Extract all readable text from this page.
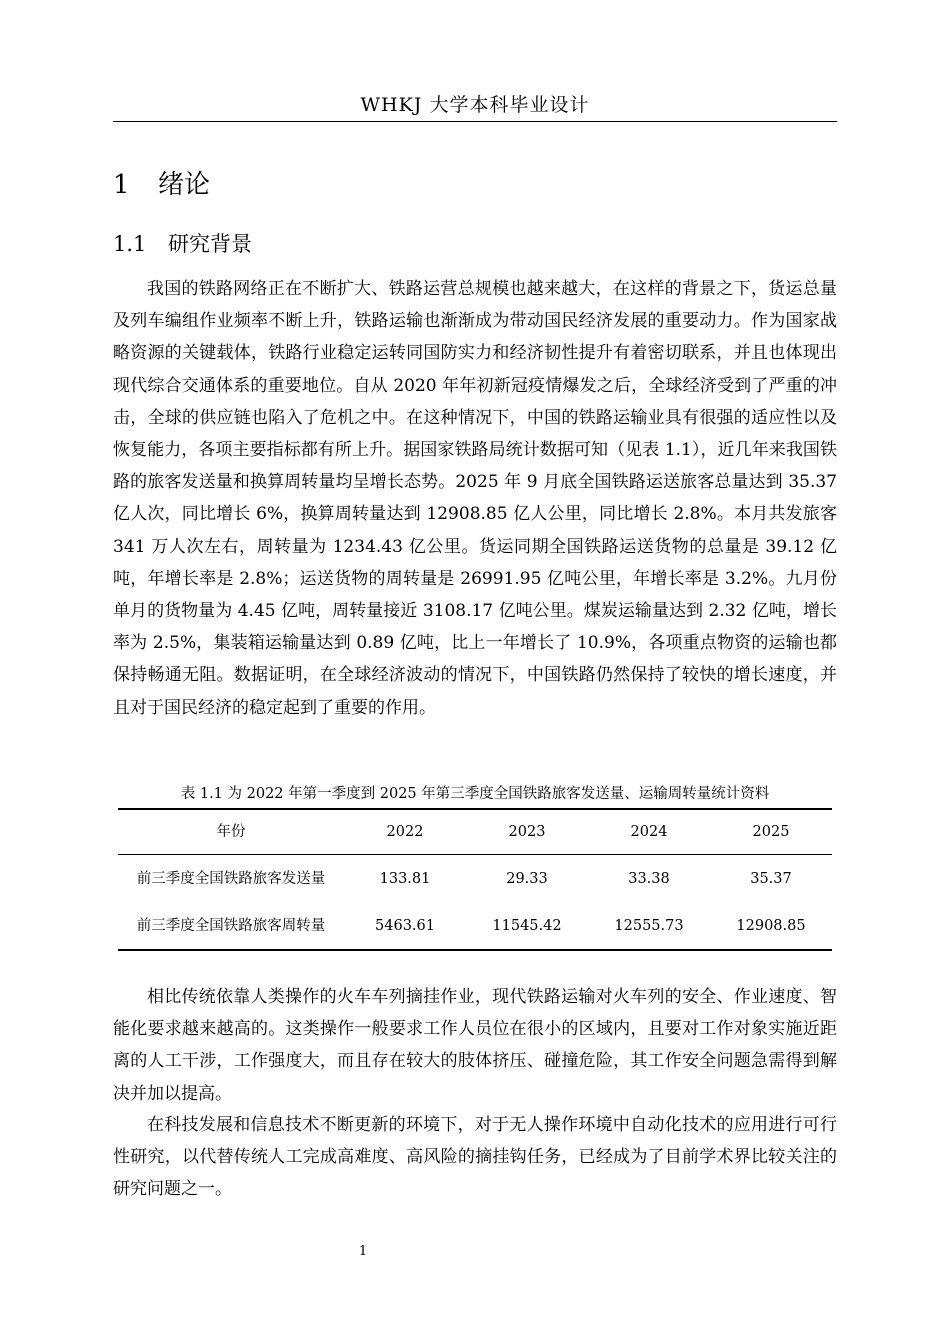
WHKJ 大学本科毕业设计
1 绪论
1.1 研究背景

我国的铁路网络正在不断扩大、铁路运营总规模也越来越大，在这样的背景之下，货运总量及列车编组作业频率不断上升，铁路运输也渐渐成为带动国民经济发展的重要动力。作为国家战略资源的关键载体，铁路行业稳定运转同国防实力和经济韧性提升有着密切联系，并且也体现出现代综合交通体系的重要地位。自从 2020 年年初新冠疫情爆发之后，全球经济受到了严重的冲击，全球的供应链也陷入了危机之中。在这种情况下，中国的铁路运输业具有很强的适应性以及恢复能力，各项主要指标都有所上升。据国家铁路局统计数据可知（见表 1.1），近几年来我国铁路的旅客发送量和换算周转量均呈增长态势。2025 年 9 月底全国铁路运送旅客总量达到 35.37 亿人次，同比增长 6%，换算周转量达到 12908.85 亿人公里，同比增长 2.8%。本月共发旅客 341 万人次左右，周转量为 1234.43 亿公里。货运同期全国铁路运送货物的总量是 39.12 亿吨，年增长率是 2.8%；运送货物的周转量是 26991.95 亿吨公里，年增长率是 3.2%。九月份单月的货物量为 4.45 亿吨，周转量接近 3108.17 亿吨公里。煤炭运输量达到 2.32 亿吨，增长率为 2.5%，集装箱运输量达到 0.89 亿吨，比上一年增长了 10.9%，各项重点物资的运输也都保持畅通无阻。数据证明，在全球经济波动的情况下，中国铁路仍然保持了较快的增长速度，并且对于国民经济的稳定起到了重要的作用。

表 1.1 为 2022 年第一季度到 2025 年第三季度全国铁路旅客发送量、运输周转量统计资料
年份	2022	2023	2024	2025
前三季度全国铁路旅客发送量	133.81	29.33	33.38	35.37
前三季度全国铁路旅客周转量	5463.61	11545.42	12555.73	12908.85

相比传统依靠人类操作的火车车列摘挂作业，现代铁路运输对火车列的安全、作业速度、智能化要求越来越高的。这类操作一般要求工作人员位在很小的区域内，且要对工作对象实施近距离的人工干涉，工作强度大，而且存在较大的肢体挤压、碰撞危险，其工作安全问题急需得到解决并加以提高。

在科技发展和信息技术不断更新的环境下，对于无人操作环境中自动化技术的应用进行可行性研究，以代替传统人工完成高难度、高风险的摘挂钩任务，已经成为了目前学术界比较关注的研究问题之一。

1
